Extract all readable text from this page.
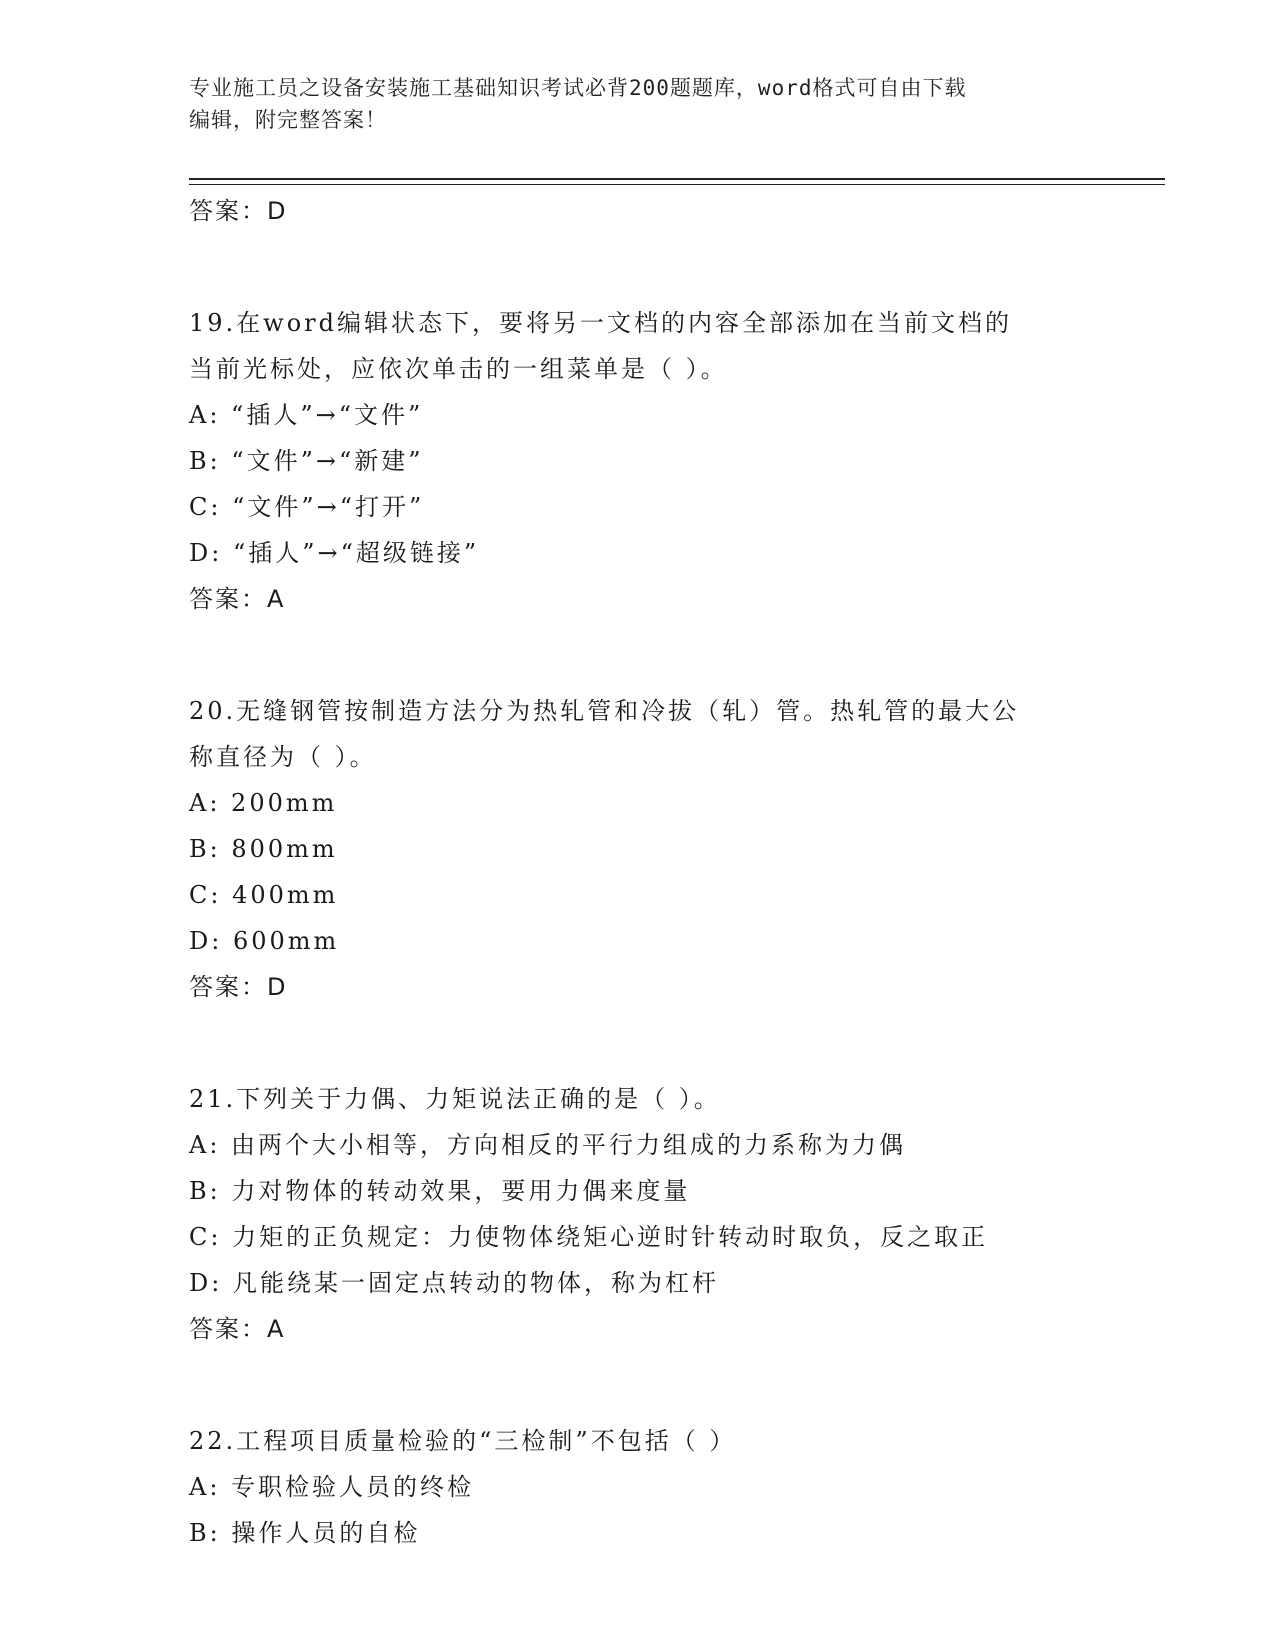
专业施工员之设备安装施工基础知识考试必背200题题库，word格式可自由下载
编辑，附完整答案！
答案：D
19.在word编辑状态下，要将另一文档的内容全部添加在当前文档的
当前光标处，应依次单击的一组菜单是（ ）。
A: “插人”→“文件”
B: “文件”→“新建”
C: “文件”→“打开”
D: “插人”→“超级链接”
答案：A
20.无缝钢管按制造方法分为热轧管和冷拔（轧）管。热轧管的最大公
称直径为（ ）。
A: 200mm
B: 800mm
C: 400mm
D: 600mm
答案：D
21.下列关于力偶、力矩说法正确的是（ ）。
A: 由两个大小相等，方向相反的平行力组成的力系称为力偶
B: 力对物体的转动效果，要用力偶来度量
C: 力矩的正负规定：力使物体绕矩心逆时针转动时取负，反之取正
D: 凡能绕某一固定点转动的物体，称为杠杆
答案：A
22.工程项目质量检验的“三检制”不包括（ ）
A: 专职检验人员的终检
B: 操作人员的自检
